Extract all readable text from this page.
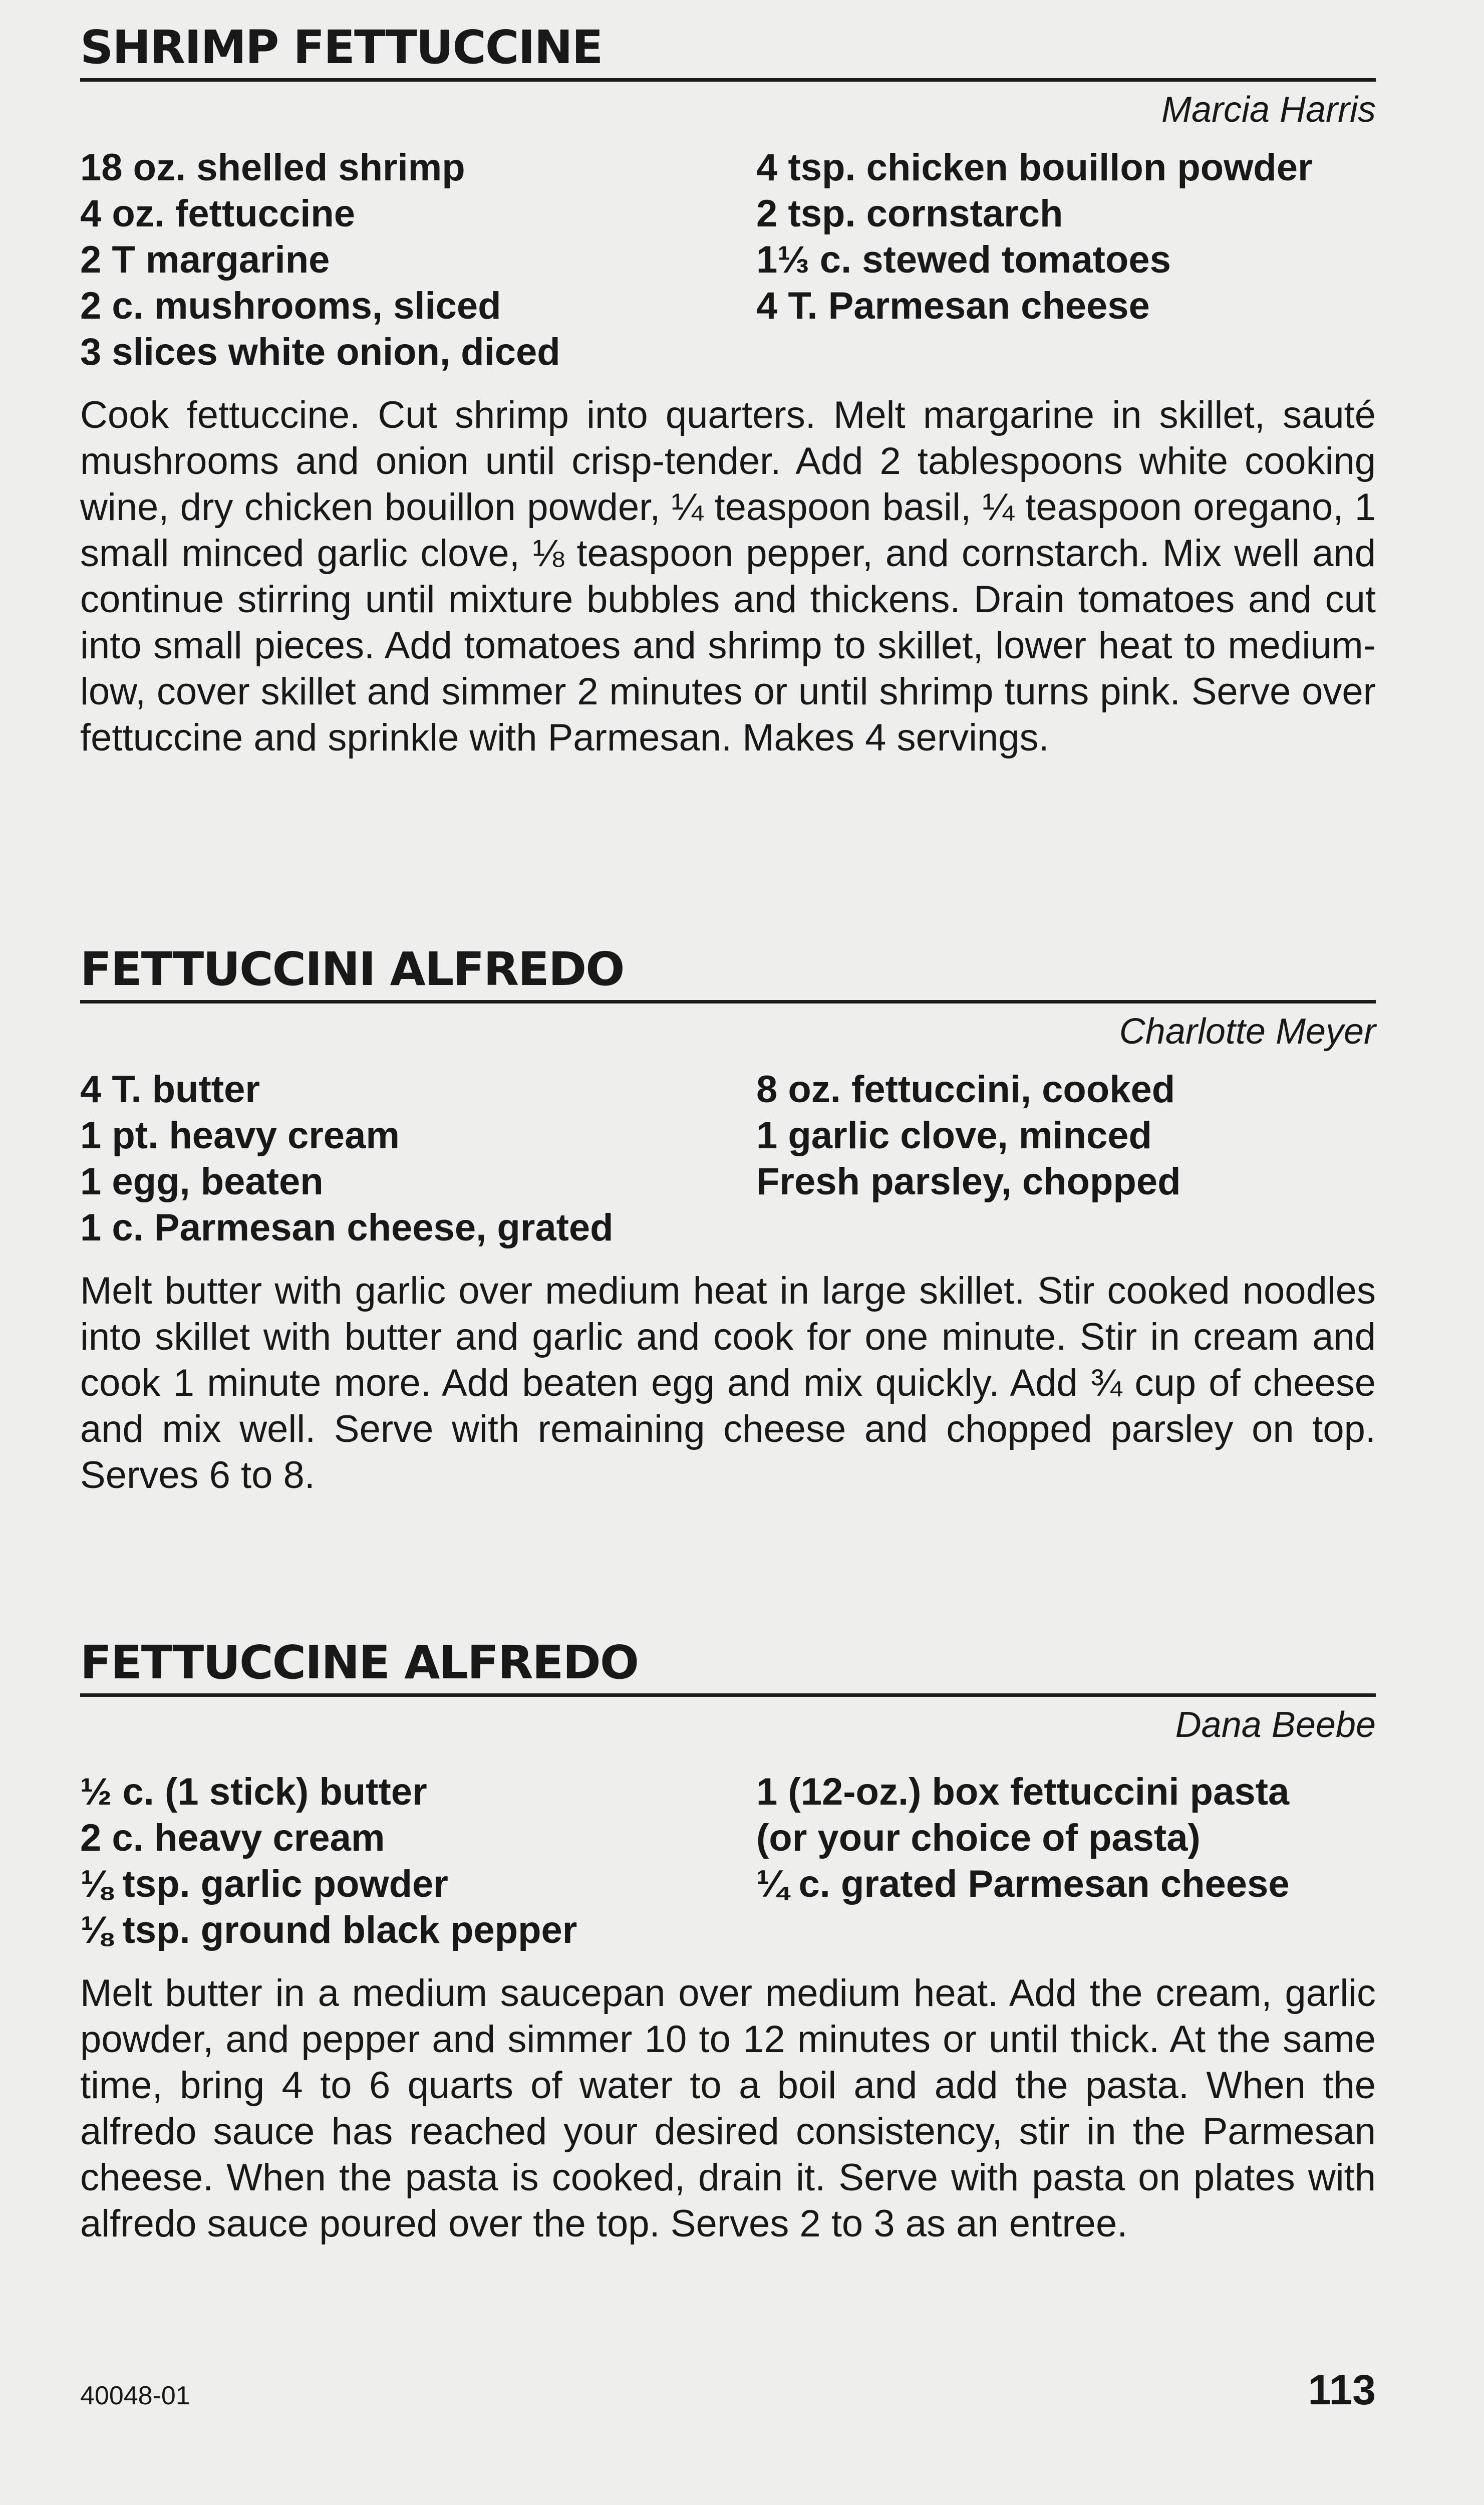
SHRIMP FETTUCCINE
Marcia Harris
18 oz. shelled shrimp
4 oz. fettuccine
2 T margarine
2 c. mushrooms, sliced
3 slices white onion, diced
4 tsp. chicken bouillon powder
2 tsp. cornstarch
1⅓ c. stewed tomatoes
4 T. Parmesan cheese

Cook fettuccine. Cut shrimp into quarters. Melt margarine in skillet, sauté mushrooms and onion until crisp-tender. Add 2 tablespoons white cooking wine, dry chicken bouillon powder, ¼ teaspoon basil, ¼ teaspoon oregano, 1 small minced garlic clove, ⅛ teaspoon pepper, and cornstarch. Mix well and continue stirring until mixture bubbles and thickens. Drain tomatoes and cut into small pieces. Add tomatoes and shrimp to skillet, lower heat to medium-low, cover skillet and simmer 2 minutes or until shrimp turns pink. Serve over fettuccine and sprinkle with Parmesan. Makes 4 servings.

FETTUCCINI ALFREDO
Charlotte Meyer
4 T. butter
1 pt. heavy cream
1 egg, beaten
1 c. Parmesan cheese, grated
8 oz. fettuccini, cooked
1 garlic clove, minced
Fresh parsley, chopped

Melt butter with garlic over medium heat in large skillet. Stir cooked noodles into skillet with butter and garlic and cook for one minute. Stir in cream and cook 1 minute more. Add beaten egg and mix quickly. Add ¾ cup of cheese and mix well. Serve with remaining cheese and chopped parsley on top. Serves 6 to 8.

FETTUCCINE ALFREDO
Dana Beebe
½ c. (1 stick) butter
2 c. heavy cream
⅛ tsp. garlic powder
⅛ tsp. ground black pepper
1 (12-oz.) box fettuccini pasta
(or your choice of pasta)
¼ c. grated Parmesan cheese

Melt butter in a medium saucepan over medium heat. Add the cream, garlic powder, and pepper and simmer 10 to 12 minutes or until thick. At the same time, bring 4 to 6 quarts of water to a boil and add the pasta. When the alfredo sauce has reached your desired consistency, stir in the Parmesan cheese. When the pasta is cooked, drain it. Serve with pasta on plates with alfredo sauce poured over the top. Serves 2 to 3 as an entree.

40048-01	113
